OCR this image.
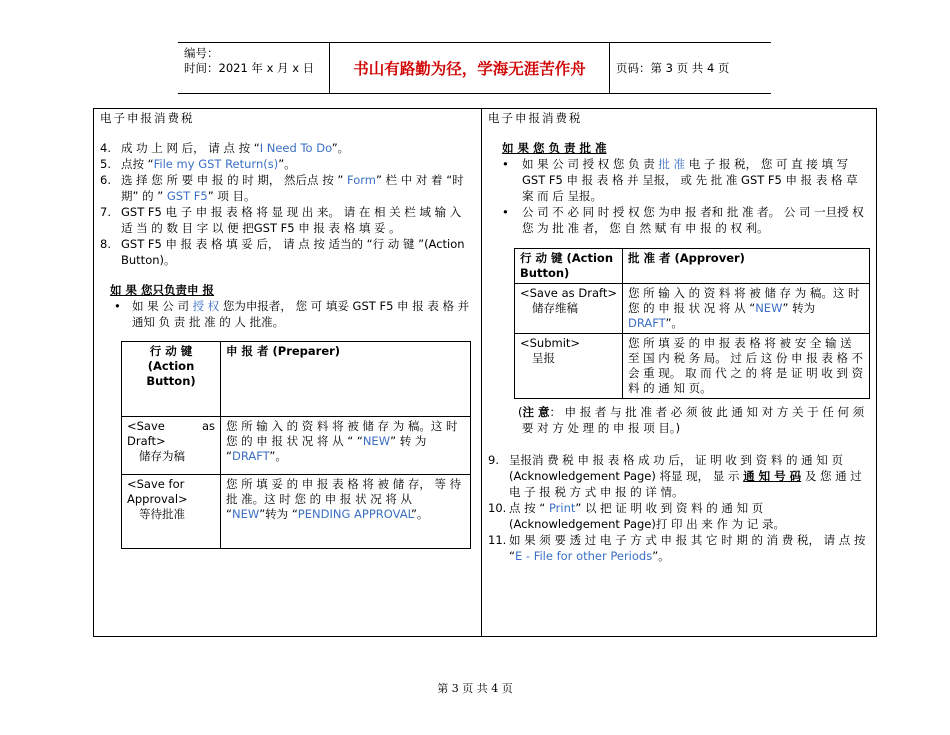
编号：
时间：2021 年 x 月 x 日	书山有路勤为径，学海无涯苦作舟	页码：第 3 页 共 4 页
电子申报消费税
4. 成 功 上 网 后， 请 点 按 “I Need To Do”。
5. 点按 “File my GST Return(s)”。
6. 选 择 您 所 要 申 报 的 时 期， 然后点 按 ” Form” 栏 中 对 着 “时 期” 的 ” GST F5” 项 目。
7. GST F5 电 子 申 报 表 格 将 显 现 出 来。 请 在 相 关 栏 域 输 入 适 当 的 数 目 字 以 便 把GST F5 申 报 表 格 填 妥 。
8. GST F5 申 报 表 格 填 妥 后， 请 点 按 适当的 “行 动 键 ”(Action Button)。
如 果 您只负责申 报
• 如 果 公 司 授 权 您为申报者， 您 可 填妥 GST F5 申 报 表 格 并 通知 负 责 批 准 的 人 批准。
行 动 键 (Action Button)	申 报 者 (Preparer)

<Save as Draft>
储存为稿	您 所 输 入 的 资 料 将 被 储 存 为 稿。这 时 您 的 申 报 状 况 将 从 “ “NEW” 转 为 “DRAFT”。

<Save for Approval>
等待批准	您 所 填 妥 的 申 报 表 格 将 被 储 存， 等 待 批 准。这 时 您 的 申 报 状 况 将 从 “NEW”转为 “PENDING APPROVAL”。
电子申报消费税
如 果 您 负 责 批 准
• 如 果 公 司 授 权 您 负 责 批 准 电 子 报 税， 您 可 直 接 填 写 GST F5 申 报 表 格 并 呈报， 或 先 批 准 GST F5 申 报 表 格 草 案 而 后 呈报。
• 公 司 不 必 同 时 授 权 您 为申 报 者和 批 准 者。 公 司 一旦授 权 您 为 批 准 者， 您 自 然 赋 有 申 报 的 权 利。
行 动 键 (Action Button)	批 准 者 (Approver)

<Save as Draft>
储存维稿	您 所 输 入 的 资 料 将 被 储 存 为 稿。这 时 您 的 申 报 状 况 将 从 “NEW” 转为 DRAFT”。

<Submit>
呈报	您 所 填 妥 的 申 报 表 格 将 被 安 全 输 送 至 国 内 税 务 局。 过 后 这 份 申 报 表 格 不 会 重 现。 取 而 代 之 的 将 是 证 明 收 到 资 料 的 通 知 页。
(注 意： 申 报 者 与 批 准 者 必 须 彼 此 通 知 对 方 关 于 任 何 须 要 对 方 处 理 的 申 报 项 目。)
9. 呈报消 费 税 申 报 表 格 成 功 后， 证 明 收 到 资 料 的 通 知 页 (Acknowledgement Page) 将显 现， 显 示 通 知 号 码 及 您 通 过 电 子 报 税 方 式 申 报 的 详 情。
10. 点 按 “ Print” 以 把 证 明 收 到 资 料 的 通 知 页 (Acknowledgement Page)打 印 出 来 作 为 记 录。
11. 如 果 须 要 透 过 电 子 方 式 申 报 其 它 时 期 的 消 费 税， 请 点 按 “E - File for other Periods”。
第 3 页 共 4 页
